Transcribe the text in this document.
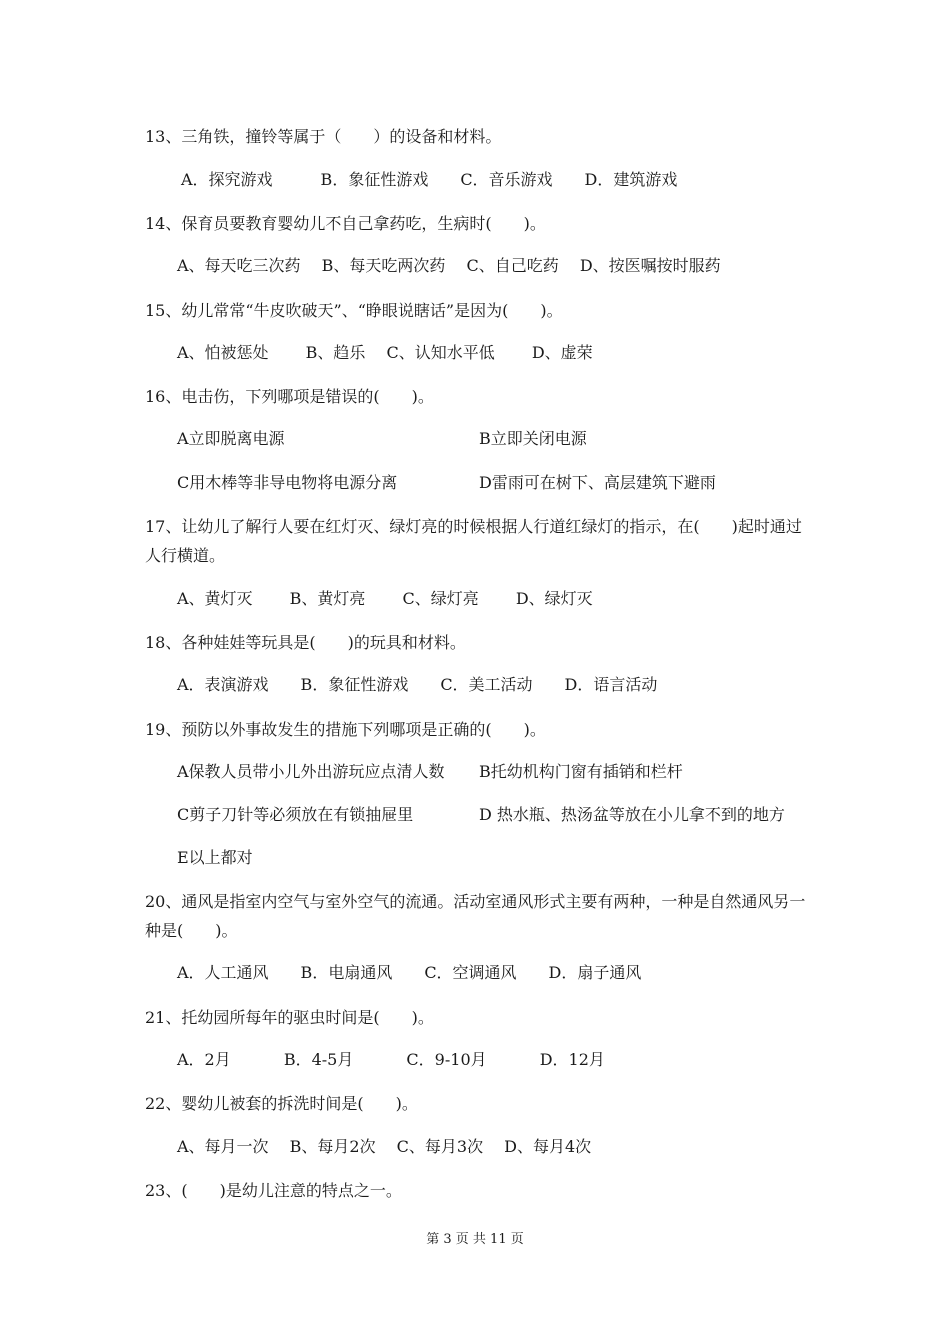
13、三角铁，撞铃等属于（　　）的设备和材料。
A．探究游戏　　　B．象征性游戏　　C．音乐游戏　　D．建筑游戏
14、保育员要教育婴幼儿不自己拿药吃，生病时(　　)。
A、每天吃三次药　 B、每天吃两次药　 C、自己吃药　 D、按医嘱按时服药
15、幼儿常常“牛皮吹破天”、“睁眼说瞎话”是因为(　　)。
A、怕被惩处　　 B、趋乐　 C、认知水平低　　 D、虚荣
16、电击伤，下列哪项是错误的(　　)。
A立即脱离电源	B立即关闭电源
C用木棒等非导电物将电源分离	D雷雨可在树下、高层建筑下避雨
17、让幼儿了解行人要在红灯灭、绿灯亮的时候根据人行道红绿灯的指示，在(　　)起时通过人行横道。
A、黄灯灭　　 B、黄灯亮　　 C、绿灯亮　　 D、绿灯灭
18、各种娃娃等玩具是(　　)的玩具和材料。
A．表演游戏　　B．象征性游戏　　C．美工活动　　D．语言活动
19、预防以外事故发生的措施下列哪项是正确的(　　)。
A保教人员带小儿外出游玩应点清人数 B托幼机构门窗有插销和栏杆
C剪子刀针等必须放在有锁抽屉里	D 热水瓶、热汤盆等放在小儿拿不到的地方
E以上都对
20、通风是指室内空气与室外空气的流通。活动室通风形式主要有两种，一种是自然通风另一种是(　　)。
A．人工通风　　B．电扇通风　　C．空调通风　　D．扇子通风
21、托幼园所每年的驱虫时间是(　　)。
A．2月　　　 B．4-5月　　　 C．9-10月　　　 D．12月
22、婴幼儿被套的拆洗时间是(　　)。
A、每月一次　 B、每月2次　 C、每月3次　 D、每月4次
23、(　　)是幼儿注意的特点之一。
第 3 页 共 11 页
